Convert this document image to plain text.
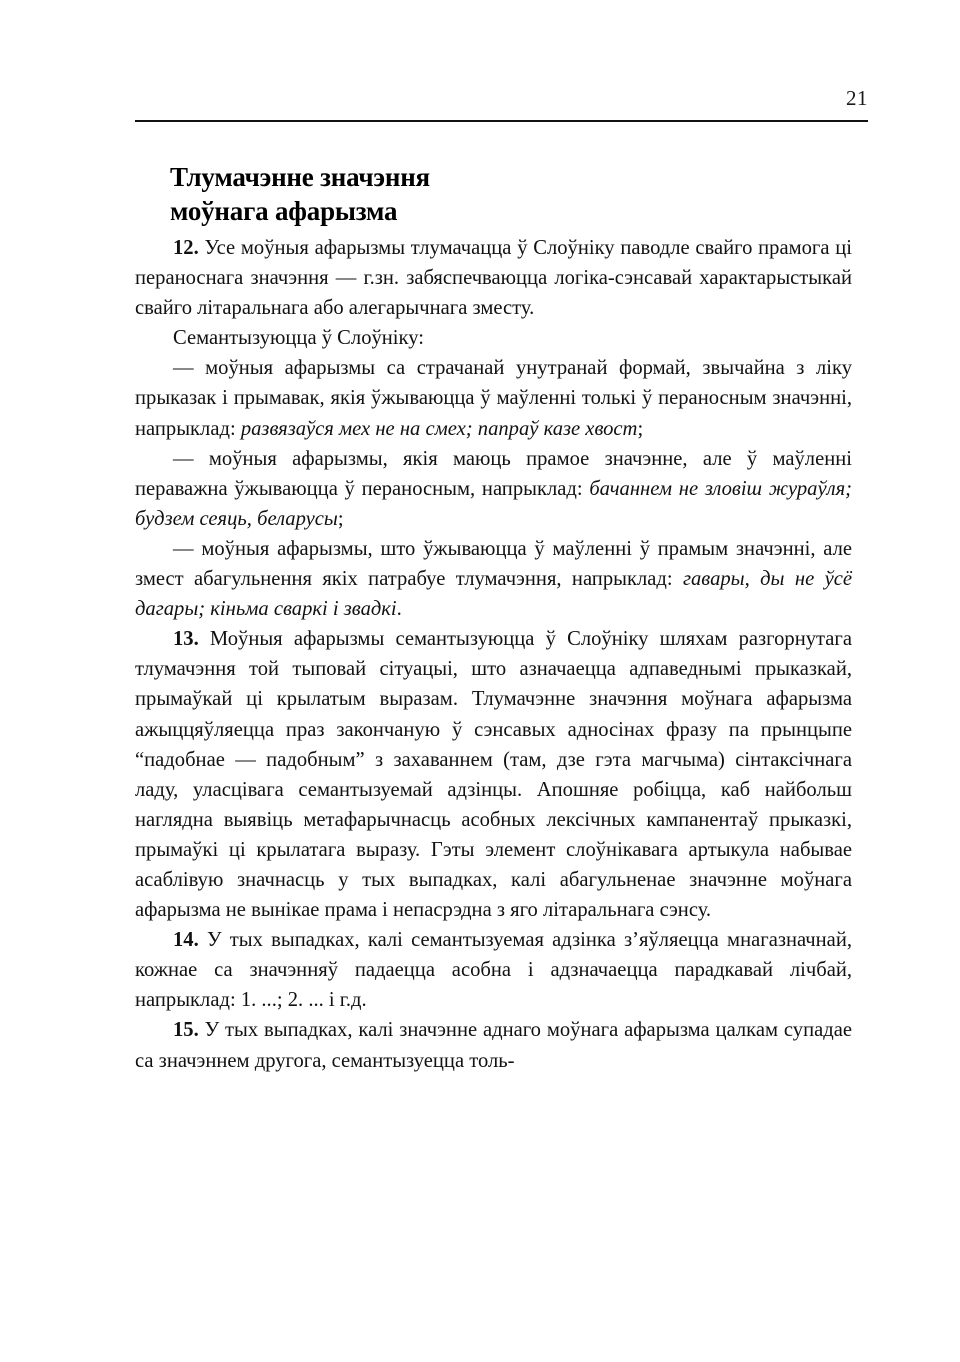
21
Тлумачэнне значэння
моўнага афарызма

12. Усе моўныя афарызмы тлумачацца ў Слоўніку паводле свайго прамога ці пераноснага значэння — г.зн. забяспечваюцца логіка-сэнсавай характарыстыкай свайго літаральнага або алегарычнага зместу.

Семантызуюцца ў Слоўніку:

— моўныя афарызмы са страчанай унутранай формай, звычайна з ліку прыказак і прымавак, якія ўжываюцца ў маўленні толькі ў пераносным значэнні, напрыклад: развязаўся мех не на смех; папраў казе хвост;

— моўныя афарызмы, якія маюць прамое значэнне, але ў маўленні пераважна ўжываюцца ў пераносным, напрыклад: бачаннем не зловіш жураўля; будзем сеяць, беларусы;

— моўныя афарызмы, што ўжываюцца ў маўленні ў прамым значэнні, але змест абагульнення якіх патрабуе тлумачэння, напрыклад: гавары, ды не ўсё дагары; кіньма сваркі і звадкі.

13. Моўныя афарызмы семантызуюцца ў Слоўніку шляхам разгорнутага тлумачэння той тыповай сітуацыі, што азначаецца адпаведнымі прыказкай, прымаўкай ці крылатым выразам. Тлумачэнне значэння моўнага афарызма ажыццяўляецца праз закончаную ў сэнсавых адносінах фразу па прынцыпе “падобнае — падобным” з захаваннем (там, дзе гэта магчыма) сінтаксічнага ладу, уласцівага семантызуемай адзінцы. Апошняе робіцца, каб найбольш наглядна выявіць метафарычнасць асобных лексічных кампанентаў прыказкі, прымаўкі ці крылатага выразу. Гэты элемент слоўнікавага артыкула набывае асаблівую значнасць у тых выпадках, калі абагульненае значэнне моўнага афарызма не вынікае прама і непасрэдна з яго літаральнага сэнсу.

14. У тых выпадках, калі семантызуемая адзінка з’яўляецца мнагазначнай, кожнае са значэнняў падаецца асобна і адзначаецца парадкавай лічбай, напрыклад: 1. ...; 2. ... і г.д.

15. У тых выпадках, калі значэнне аднаго моўнага афарызма цалкам супадае са значэннем другога, семантызуецца толь-
